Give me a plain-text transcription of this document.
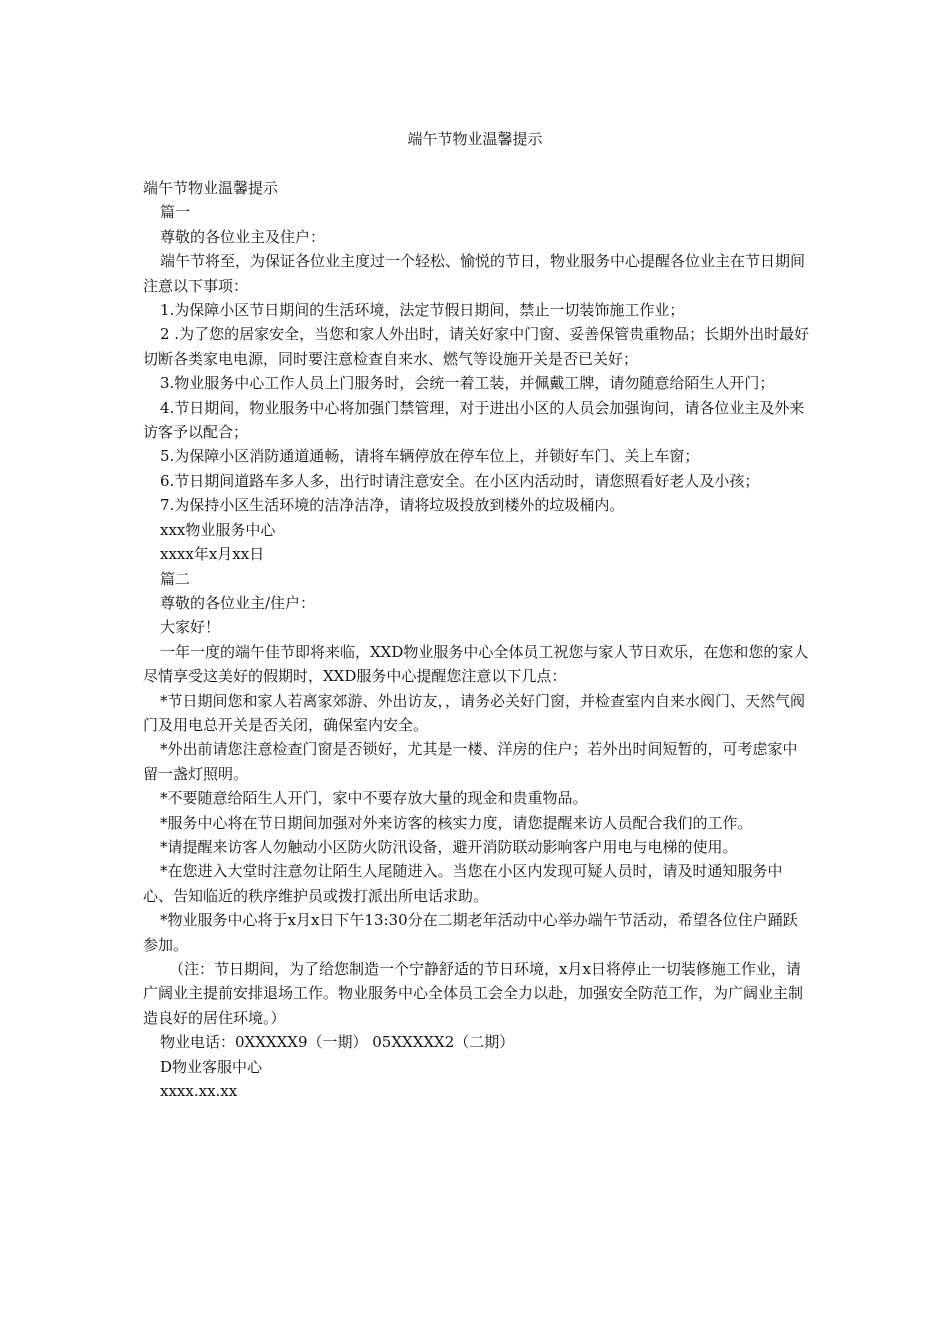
端午节物业温馨提示

端午节物业温馨提示

篇一

尊敬的各位业主及住户：

端午节将至，为保证各位业主度过一个轻松、愉悦的节日，物业服务中心提醒各位业主在节日期间注意以下事项：

1.为保障小区节日期间的生活环境，法定节假日期间，禁止一切装饰施工作业；

2 .为了您的居家安全，当您和家人外出时，请关好家中门窗、妥善保管贵重物品；长期外出时最好切断各类家电电源，同时要注意检查自来水、燃气等设施开关是否已关好；

3.物业服务中心工作人员上门服务时，会统一着工装，并佩戴工牌，请勿随意给陌生人开门；

4.节日期间，物业服务中心将加强门禁管理，对于进出小区的人员会加强询问，请各位业主及外来访客予以配合；

5.为保障小区消防通道通畅，请将车辆停放在停车位上，并锁好车门、关上车窗；

6.节日期间道路车多人多，出行时请注意安全。在小区内活动时，请您照看好老人及小孩；

7.为保持小区生活环境的洁净洁净，请将垃圾投放到楼外的垃圾桶内。

xxx物业服务中心

xxxx年x月xx日

篇二

尊敬的各位业主/住户：

大家好！

一年一度的端午佳节即将来临，XXD物业服务中心全体员工祝您与家人节日欢乐，在您和您的家人尽情享受这美好的假期时，XXD服务中心提醒您注意以下几点：

*节日期间您和家人若离家郊游、外出访友，，请务必关好门窗，并检查室内自来水阀门、天然气阀门及用电总开关是否关闭，确保室内安全。

*外出前请您注意检查门窗是否锁好，尤其是一楼、洋房的住户；若外出时间短暂的，可考虑家中留一盏灯照明。

*不要随意给陌生人开门，家中不要存放大量的现金和贵重物品。

*服务中心将在节日期间加强对外来访客的核实力度，请您提醒来访人员配合我们的工作。

*请提醒来访客人勿触动小区防火防汛设备，避开消防联动影响客户用电与电梯的使用。

*在您进入大堂时注意勿让陌生人尾随进入。当您在小区内发现可疑人员时，请及时通知服务中心、告知临近的秩序维护员或拨打派出所电话求助。

*物业服务中心将于x月x日下午13:30分在二期老年活动中心举办端午节活动，希望各位住户踊跃参加。

（注：节日期间，为了给您制造一个宁静舒适的节日环境，x月x日将停止一切装修施工作业，请广阔业主提前安排退场工作。物业服务中心全体员工会全力以赴，加强安全防范工作，为广阔业主制造良好的居住环境。）

物业电话：0XXXXX9（一期） 05XXXXX2（二期）

D物业客服中心

xxxx.xx.xx
